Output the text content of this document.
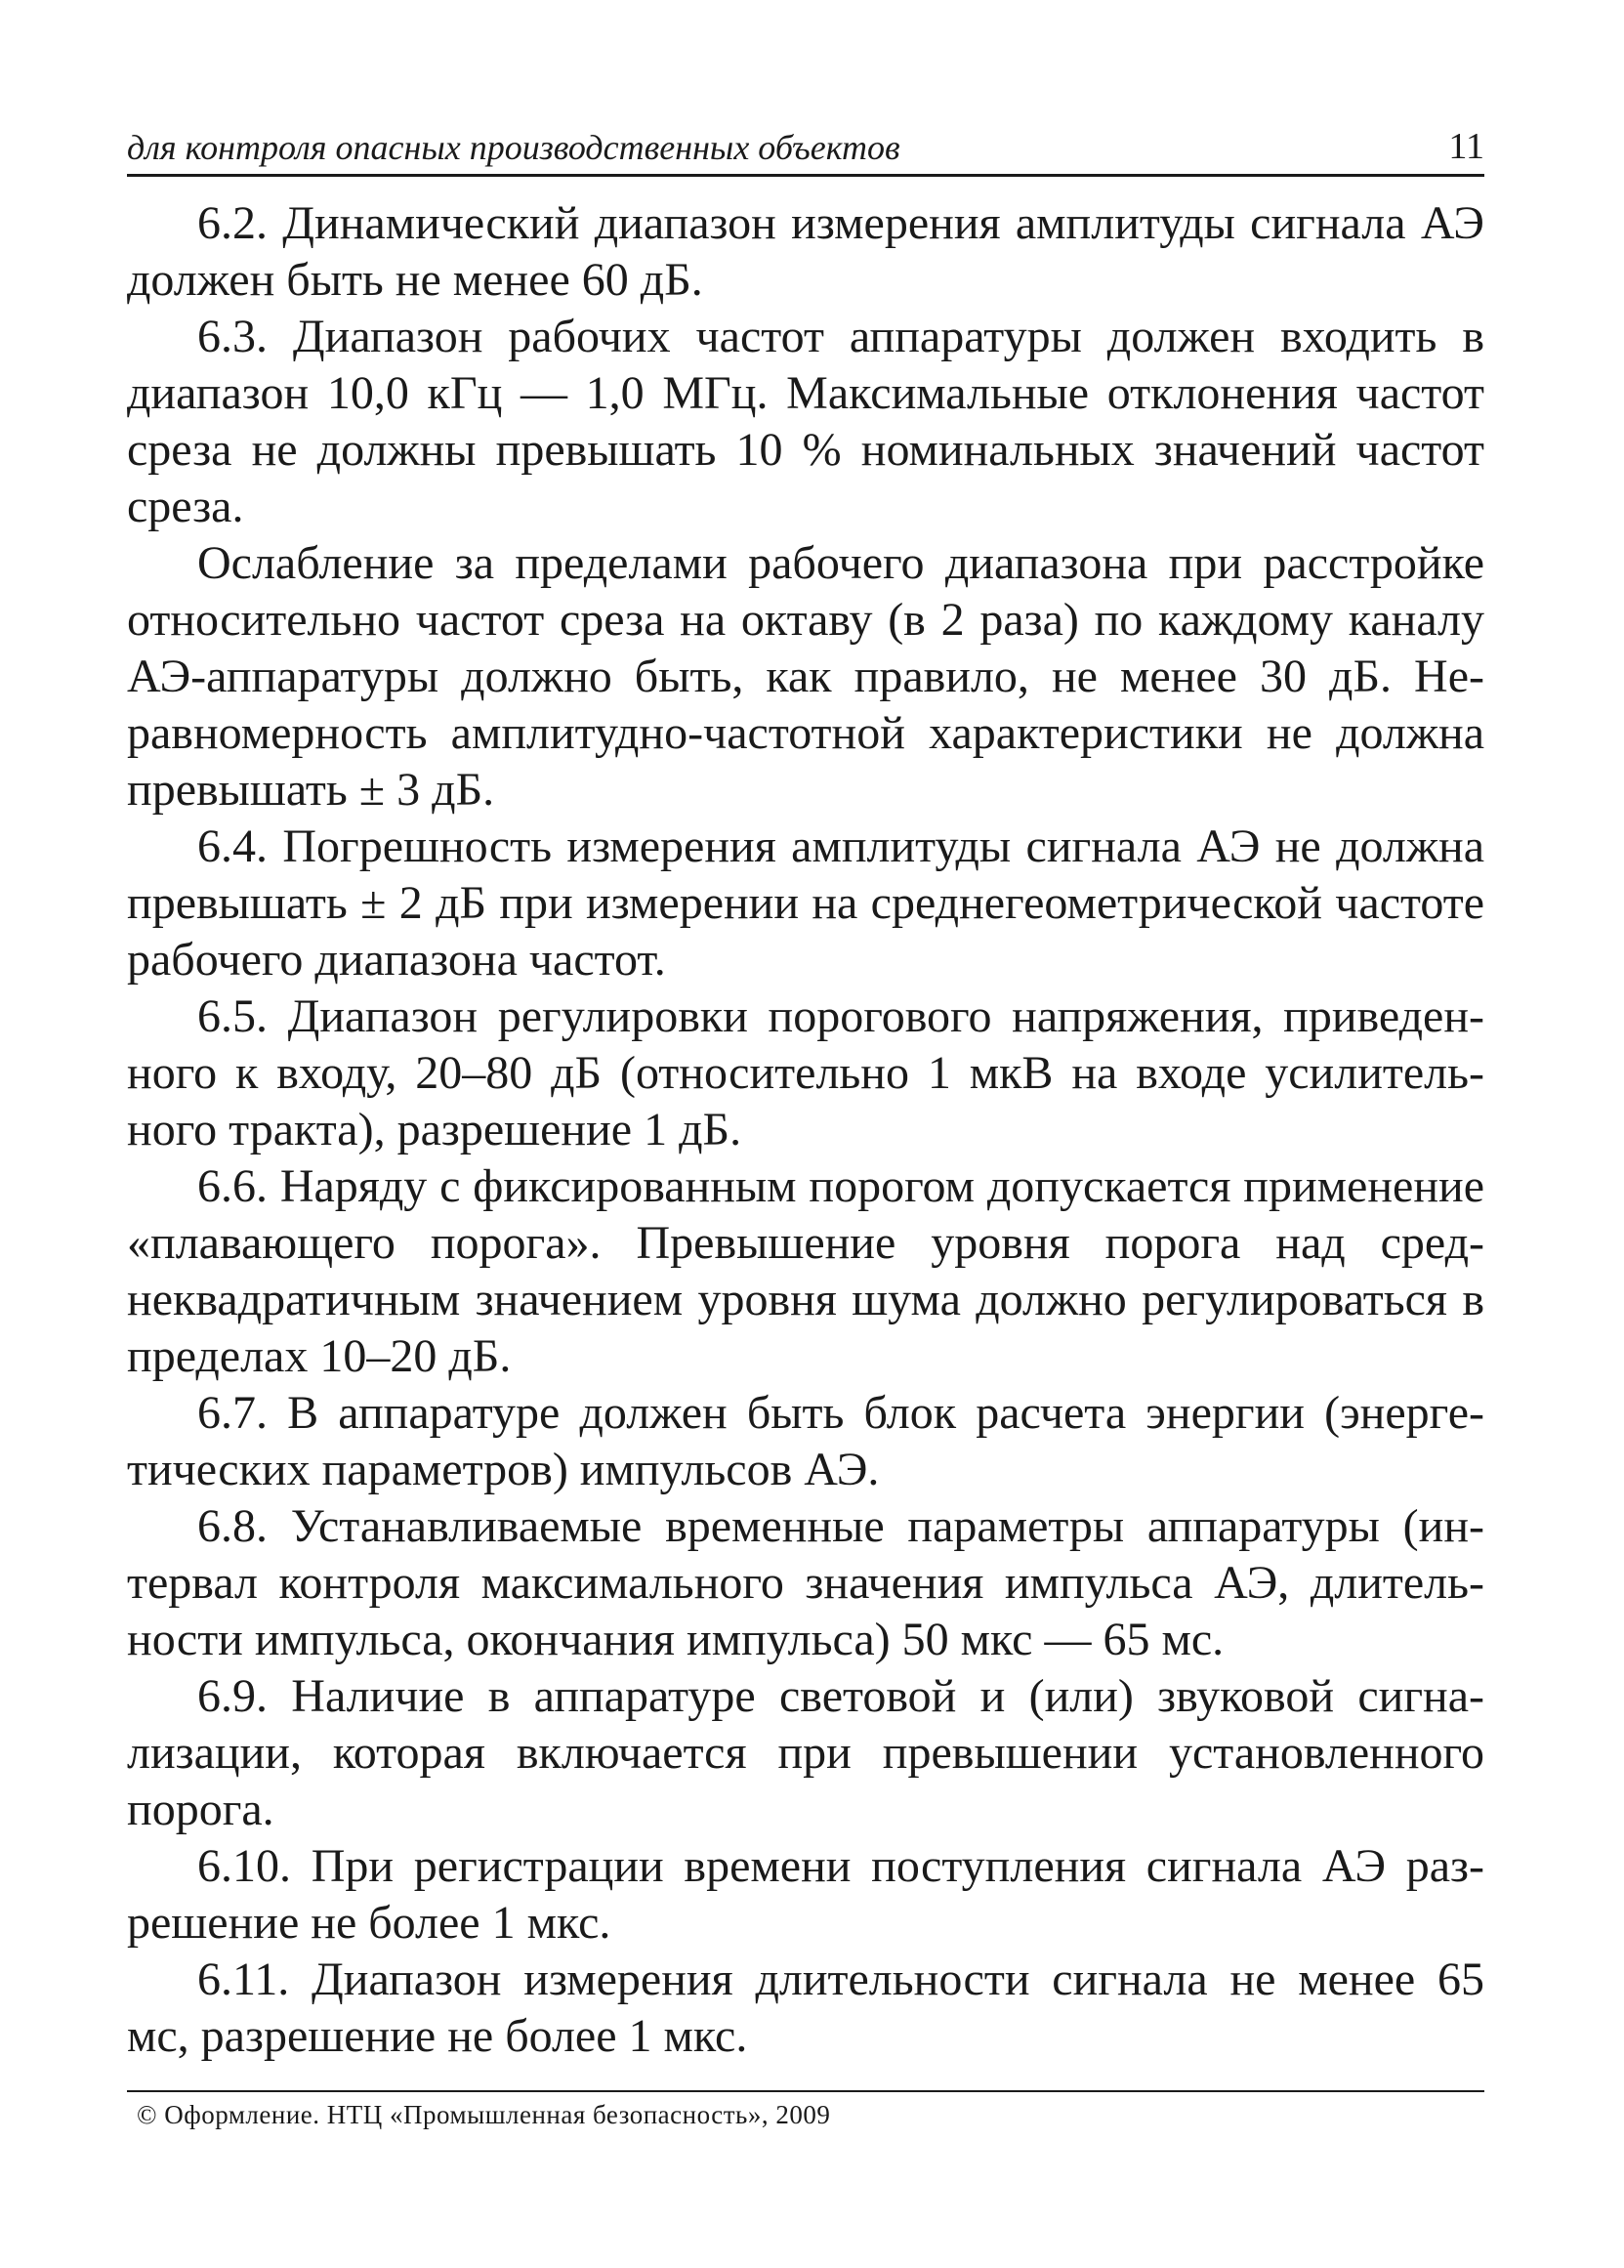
для контроля опасных производственных объектов	11

6.2. Динамический диапазон измерения амплитуды сигнала АЭ должен быть не менее 60 дБ.

6.3. Диапазон рабочих частот аппаратуры должен входить в диапазон 10,0 кГц — 1,0 МГц. Максимальные отклонения частот среза не должны превышать 10 % номинальных значений частот среза.

Ослабление за пределами рабочего диапазона при расстройке относительно частот среза на октаву (в 2 раза) по каждому каналу АЭ-аппаратуры должно быть, как правило, не менее 30 дБ. Неравномерность амплитудно-частотной характеристики не должна превышать ± 3 дБ.

6.4. Погрешность измерения амплитуды сигнала АЭ не должна превышать ± 2 дБ при измерении на среднегеометрической частоте рабочего диапазона частот.

6.5. Диапазон регулировки порогового напряжения, приведенного к входу, 20–80 дБ (относительно 1 мкВ на входе усилительного тракта), разрешение 1 дБ.

6.6. Наряду с фиксированным порогом допускается применение «плавающего порога». Превышение уровня порога над среднеквадратичным значением уровня шума должно регулироваться в пределах 10–20 дБ.

6.7. В аппаратуре должен быть блок расчета энергии (энергетических параметров) импульсов АЭ.

6.8. Устанавливаемые временные параметры аппаратуры (интервал контроля максимального значения импульса АЭ, длительности импульса, окончания импульса) 50 мкс — 65 мс.

6.9. Наличие в аппаратуре световой и (или) звуковой сигнализации, которая включается при превышении установленного порога.

6.10. При регистрации времени поступления сигнала АЭ разрешение не более 1 мкс.

6.11. Диапазон измерения длительности сигнала не менее 65 мс, разрешение не более 1 мкс.

© Оформление. НТЦ «Промышленная безопасность», 2009
